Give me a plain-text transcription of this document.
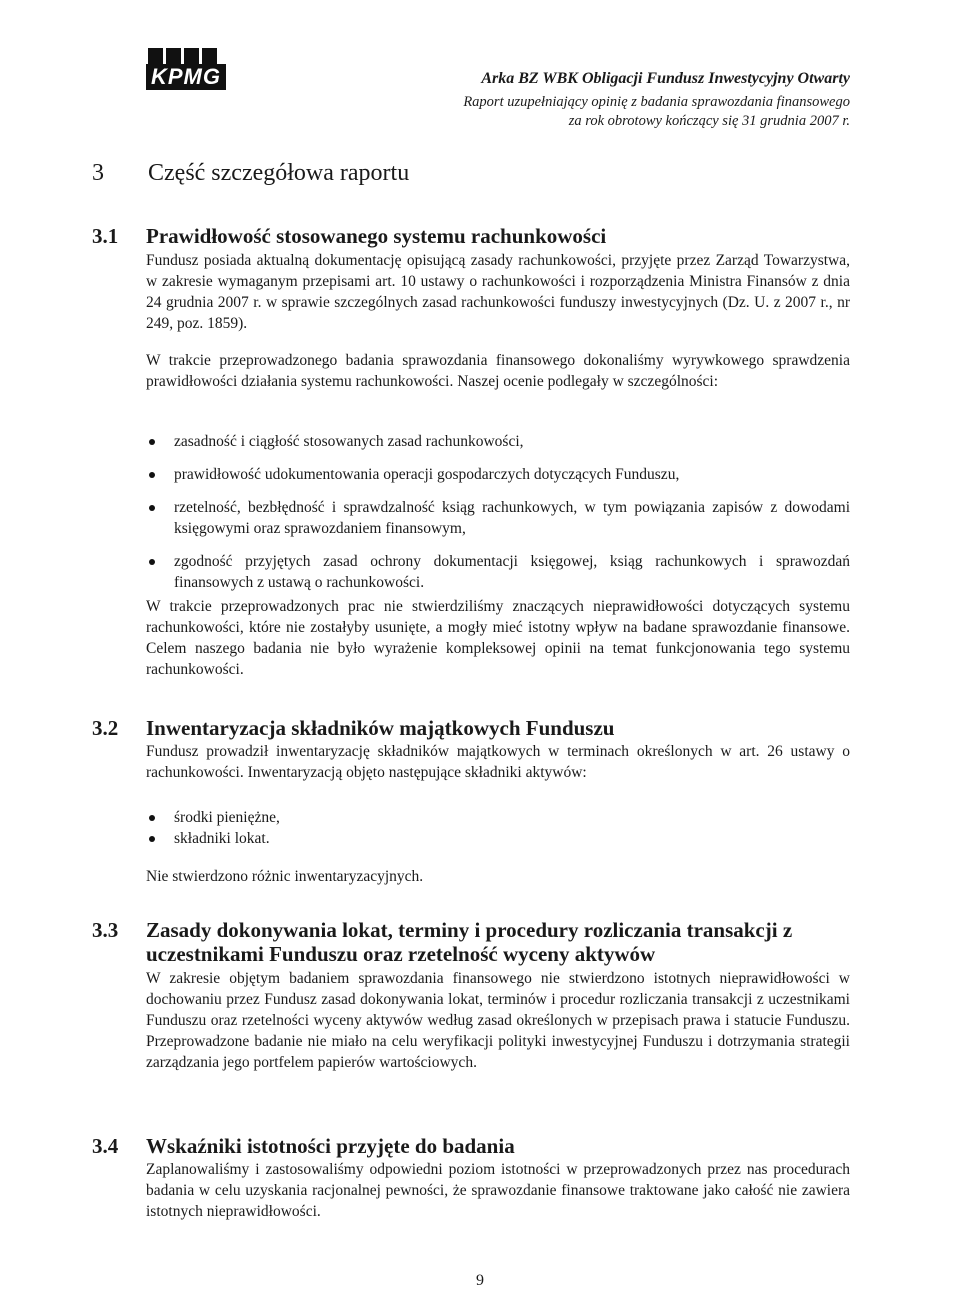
KPMG	Arka BZ WBK Obligacji Fundusz Inwestycyjny Otwarty
Raport uzupełniający opinię z badania sprawozdania finansowego
za rok obrotowy kończący się 31 grudnia 2007 r.
3 Część szczegółowa raportu
3.1 Prawidłowość stosowanego systemu rachunkowości

Fundusz posiada aktualną dokumentację opisującą zasady rachunkowości, przyjęte przez Zarząd Towarzystwa, w zakresie wymaganym przepisami art. 10 ustawy o rachunkowości i rozporządzenia Ministra Finansów z dnia 24 grudnia 2007 r. w sprawie szczególnych zasad rachunkowości funduszy inwestycyjnych (Dz. U. z 2007 r., nr 249, poz. 1859).

W trakcie przeprowadzonego badania sprawozdania finansowego dokonaliśmy wyrywkowego sprawdzenia prawidłowości działania systemu rachunkowości. Naszej ocenie podlegały w szczególności:

zasadność i ciągłość stosowanych zasad rachunkowości,
prawidłowość udokumentowania operacji gospodarczych dotyczących Funduszu,
rzetelność, bezbłędność i sprawdzalność ksiąg rachunkowych, w tym powiązania zapisów z dowodami księgowymi oraz sprawozdaniem finansowym,
zgodność przyjętych zasad ochrony dokumentacji księgowej, ksiąg rachunkowych i sprawozdań finansowych z ustawą o rachunkowości.

W trakcie przeprowadzonych prac nie stwierdziliśmy znaczących nieprawidłowości dotyczących systemu rachunkowości, które nie zostałyby usunięte, a mogły mieć istotny wpływ na badane sprawozdanie finansowe. Celem naszego badania nie było wyrażenie kompleksowej opinii na temat funkcjonowania tego systemu rachunkowości.

3.2 Inwentaryzacja składników majątkowych Funduszu

Fundusz prowadził inwentaryzację składników majątkowych w terminach określonych w art. 26 ustawy o rachunkowości. Inwentaryzacją objęto następujące składniki aktywów:

środki pieniężne,
składniki lokat.

Nie stwierdzono różnic inwentaryzacyjnych.

3.3 Zasady dokonywania lokat, terminy i procedury rozliczania transakcji z uczestnikami Funduszu oraz rzetelność wyceny aktywów

W zakresie objętym badaniem sprawozdania finansowego nie stwierdzono istotnych nieprawidłowości w dochowaniu przez Fundusz zasad dokonywania lokat, terminów i procedur rozliczania transakcji z uczestnikami Funduszu oraz rzetelności wyceny aktywów według zasad określonych w przepisach prawa i statucie Funduszu. Przeprowadzone badanie nie miało na celu weryfikacji polityki inwestycyjnej Funduszu i dotrzymania strategii zarządzania jego portfelem papierów wartościowych.

3.4 Wskaźniki istotności przyjęte do badania

Zaplanowaliśmy i zastosowaliśmy odpowiedni poziom istotności w przeprowadzonych przez nas procedurach badania w celu uzyskania racjonalnej pewności, że sprawozdanie finansowe traktowane jako całość nie zawiera istotnych nieprawidłowości.

9
